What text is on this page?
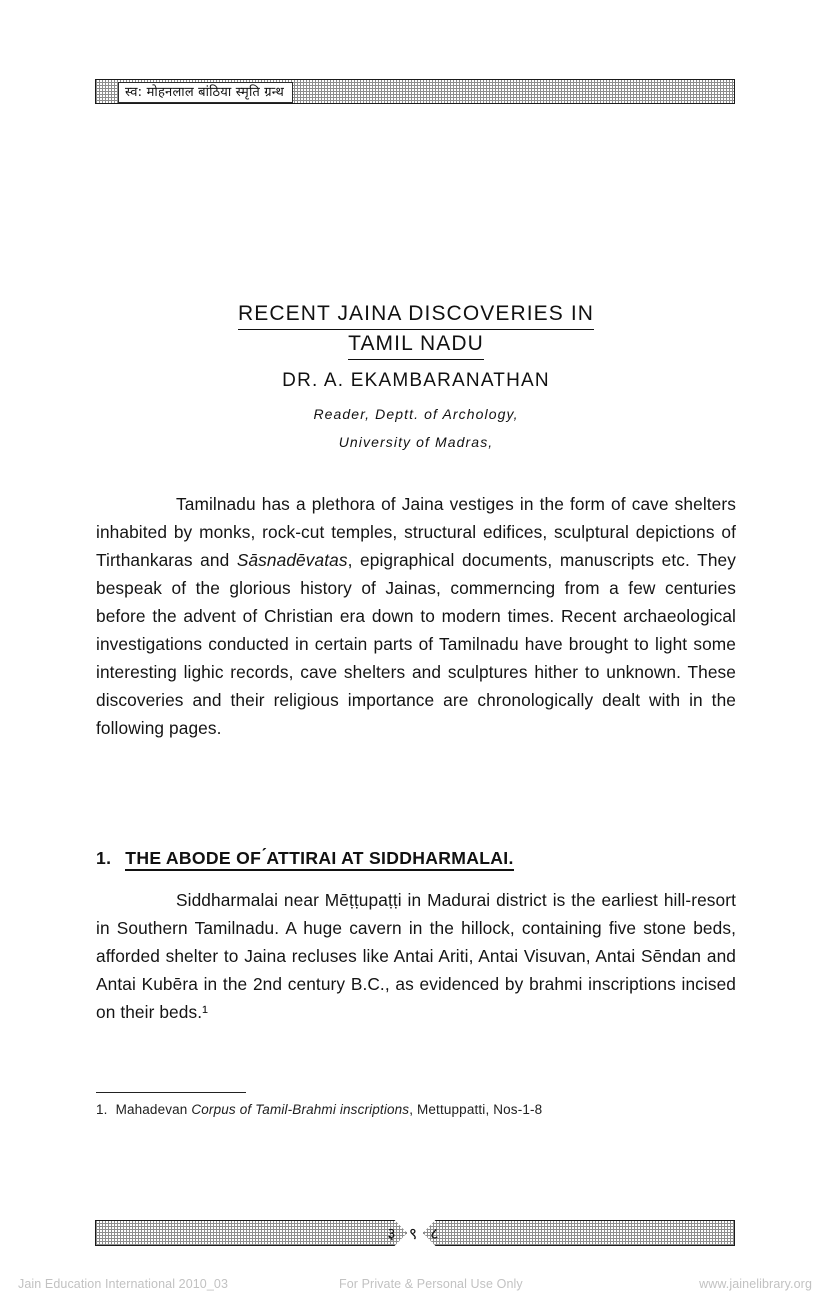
स्व: मोहनलाल बांठिया स्मृति ग्रन्थ
RECENT JAINA DISCOVERIES IN
TAMIL NADU
DR. A. EKAMBARANATHAN
Reader, Deptt. of Archology,
University of Madras,
Tamilnadu has a plethora of Jaina vestiges in the form of cave shelters inhabited by monks, rock-cut temples, structural edifices, sculptural depictions of Tirthankaras and Sāsnadēvatas, epigraphical documents, manuscripts etc. They bespeak of the glorious history of Jainas, commerncing from a few centuries before the advent of Christian era down to modern times. Recent archaeological investigations conducted in certain parts of Tamilnadu have brought to light some interesting lighic records, cave shelters and sculptures hither to unknown. These discoveries and their religious importance are chronologically dealt with in the following pages.
1. THE ABODE OF ́ATTIRAI AT SIDDHARMALAI.
Siddharmalai near Mēṭṭupaṭṭi in Madurai district is the earliest hill-resort in Southern Tamilnadu. A huge cavern in the hillock, containing five stone beds, afforded shelter to Jaina recluses like Antai Ariti, Antai Visuvan, Antai Sēndan and Antai Kubēra in the 2nd century B.C., as evidenced by brahmi inscriptions incised on their beds.¹
1. Mahadevan Corpus of Tamil-Brahmi inscriptions, Mettuppatti, Nos-1-8
३ ९ ८
Jain Education International 2010_03	For Private & Personal Use Only	www.jainelibrary.org
